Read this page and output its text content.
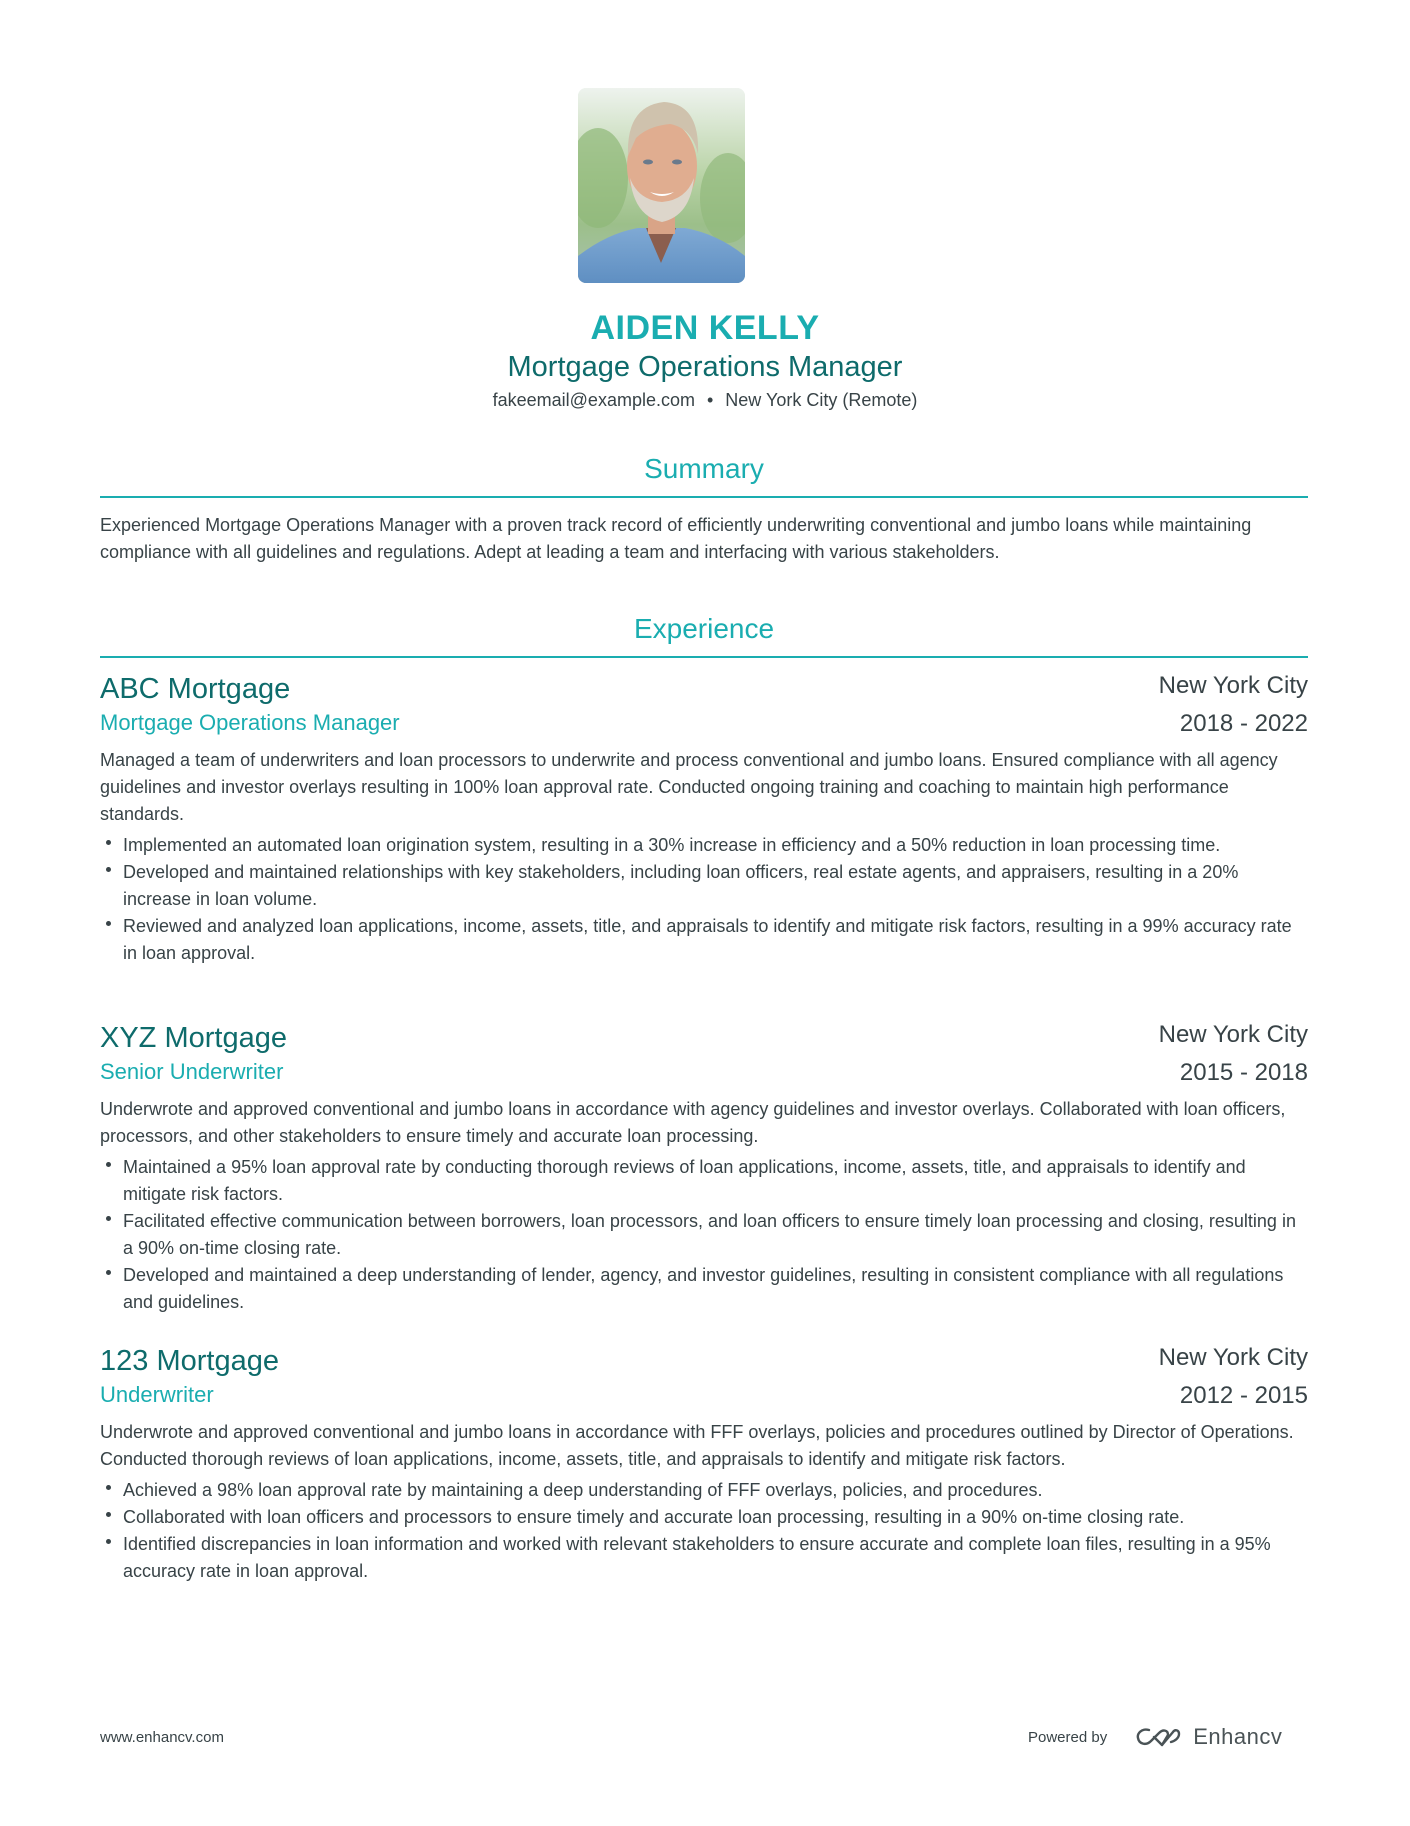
AIDEN KELLY
Mortgage Operations Manager
fakeemail@example.com • New York City (Remote)
Summary
Experienced Mortgage Operations Manager with a proven track record of efficiently underwriting conventional and jumbo loans while maintaining compliance with all guidelines and regulations. Adept at leading a team and interfacing with various stakeholders.
Experience
ABC Mortgage	New York City
Mortgage Operations Manager	2018 - 2022
Managed a team of underwriters and loan processors to underwrite and process conventional and jumbo loans. Ensured compliance with all agency guidelines and investor overlays resulting in 100% loan approval rate. Conducted ongoing training and coaching to maintain high performance standards.
Implemented an automated loan origination system, resulting in a 30% increase in efficiency and a 50% reduction in loan processing time.
Developed and maintained relationships with key stakeholders, including loan officers, real estate agents, and appraisers, resulting in a 20% increase in loan volume.
Reviewed and analyzed loan applications, income, assets, title, and appraisals to identify and mitigate risk factors, resulting in a 99% accuracy rate in loan approval.
XYZ Mortgage	New York City
Senior Underwriter	2015 - 2018
Underwrote and approved conventional and jumbo loans in accordance with agency guidelines and investor overlays. Collaborated with loan officers, processors, and other stakeholders to ensure timely and accurate loan processing.
Maintained a 95% loan approval rate by conducting thorough reviews of loan applications, income, assets, title, and appraisals to identify and mitigate risk factors.
Facilitated effective communication between borrowers, loan processors, and loan officers to ensure timely loan processing and closing, resulting in a 90% on-time closing rate.
Developed and maintained a deep understanding of lender, agency, and investor guidelines, resulting in consistent compliance with all regulations and guidelines.
123 Mortgage	New York City
Underwriter	2012 - 2015
Underwrote and approved conventional and jumbo loans in accordance with FFF overlays, policies and procedures outlined by Director of Operations. Conducted thorough reviews of loan applications, income, assets, title, and appraisals to identify and mitigate risk factors.
Achieved a 98% loan approval rate by maintaining a deep understanding of FFF overlays, policies, and procedures.
Collaborated with loan officers and processors to ensure timely and accurate loan processing, resulting in a 90% on-time closing rate.
Identified discrepancies in loan information and worked with relevant stakeholders to ensure accurate and complete loan files, resulting in a 95% accuracy rate in loan approval.
www.enhancv.com	Powered by	Enhancv
